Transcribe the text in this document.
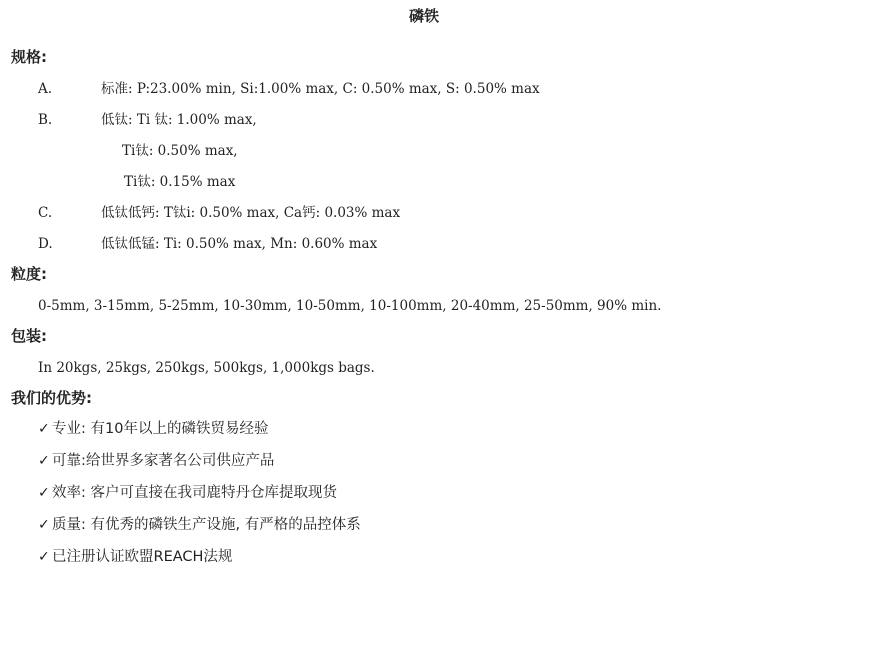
磷铁
规格:
A.	标准: P:23.00% min, Si:1.00% max, C: 0.50% max, S: 0.50% max
B.	低钛: Ti 钛: 1.00% max,
Ti钛: 0.50% max,
Ti钛: 0.15% max
C.	低钛低钙: T钛i: 0.50% max, Ca钙: 0.03% max
D.	低钛低锰: Ti: 0.50% max, Mn: 0.60% max
粒度:
0-5mm, 3-15mm, 5-25mm, 10-30mm, 10-50mm, 10-100mm, 20-40mm, 25-50mm, 90% min.
包装:
In 20kgs, 25kgs, 250kgs, 500kgs, 1,000kgs bags.
我们的优势:
✓ 专业: 有10年以上的磷铁贸易经验
✓ 可靠:给世界多家著名公司供应产品
✓ 效率: 客户可直接在我司鹿特丹仓库提取现货
✓ 质量: 有优秀的磷铁生产设施, 有严格的品控体系
✓ 已注册认证欧盟REACH法规
